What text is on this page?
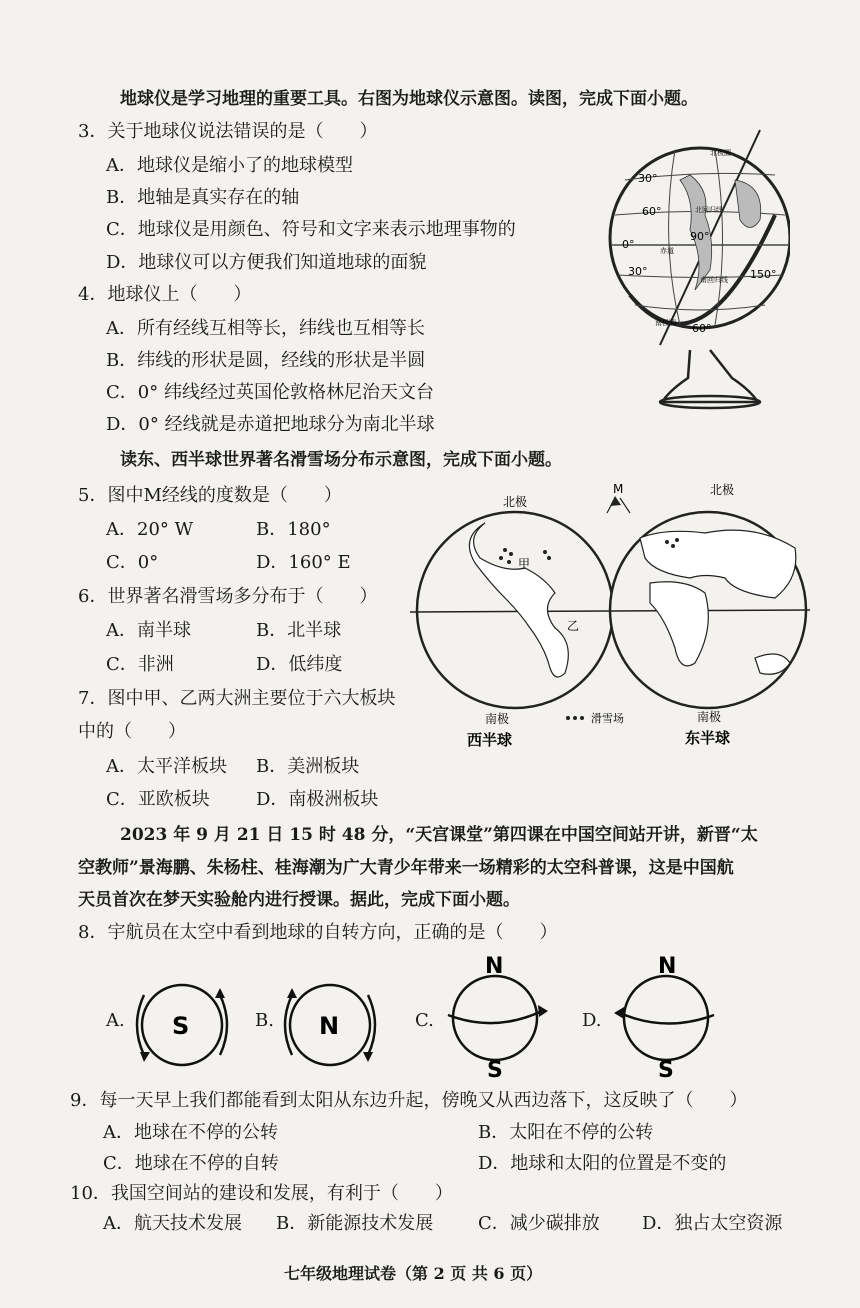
地球仪是学习地理的重要工具。右图为地球仪示意图。读图，完成下面小题。
3．关于地球仪说法错误的是（　　）
A．地球仪是缩小了的地球模型
B．地轴是真实存在的轴
C．地球仪是用颜色、符号和文字来表示地理事物的
D．地球仪可以方便我们知道地球的面貌
4．地球仪上（　　）
A．所有经线互相等长，纬线也互相等长
B．纬线的形状是圆，经线的形状是半圆
C．0° 纬线经过英国伦敦格林尼治天文台
D．0° 经线就是赤道把地球分为南北半球
30°
0°
30°
60°
60°
150°
90°
北极圈
南极圈
北回归线
赤道
南回归线
读东、西半球世界著名滑雪场分布示意图，完成下面小题。
5．图中M经线的度数是（　　）
A．20° W	B．180°
C．0°	D．160° E
6．世界著名滑雪场多分布于（　　）
A．南半球	B．北半球
C．非洲	D．低纬度
7．图中甲、乙两大洲主要位于六大板块
中的（　　）
A．太平洋板块 B．美洲板块
C．亚欧板块	D．南极洲板块
M
甲
乙
北极
北极
南极	南极
滑雪场
西半球	东半球
2023 年 9 月 21 日 15 时 48 分，“天宫课堂”第四课在中国空间站开讲，新晋“太
空教师”景海鹏、朱杨柱、桂海潮为广大青少年带来一场精彩的太空科普课，这是中国航
天员首次在梦天实验舱内进行授课。据此，完成下面小题。
8．宇航员在太空中看到地球的自转方向，正确的是（　　）
A. S	B. N	C.
N
S
D.
N
S
9．每一天早上我们都能看到太阳从东边升起，傍晚又从西边落下，这反映了（　　）
A．地球在不停的公转	B．太阳在不停的公转
C．地球在不停的自转	D．地球和太阳的位置是不变的
10．我国空间站的建设和发展，有利于（　　）
A．航天技术发展 B．新能源技术发展 C．减少碳排放 D．独占太空资源
七年级地理试卷（第 2 页 共 6 页）
